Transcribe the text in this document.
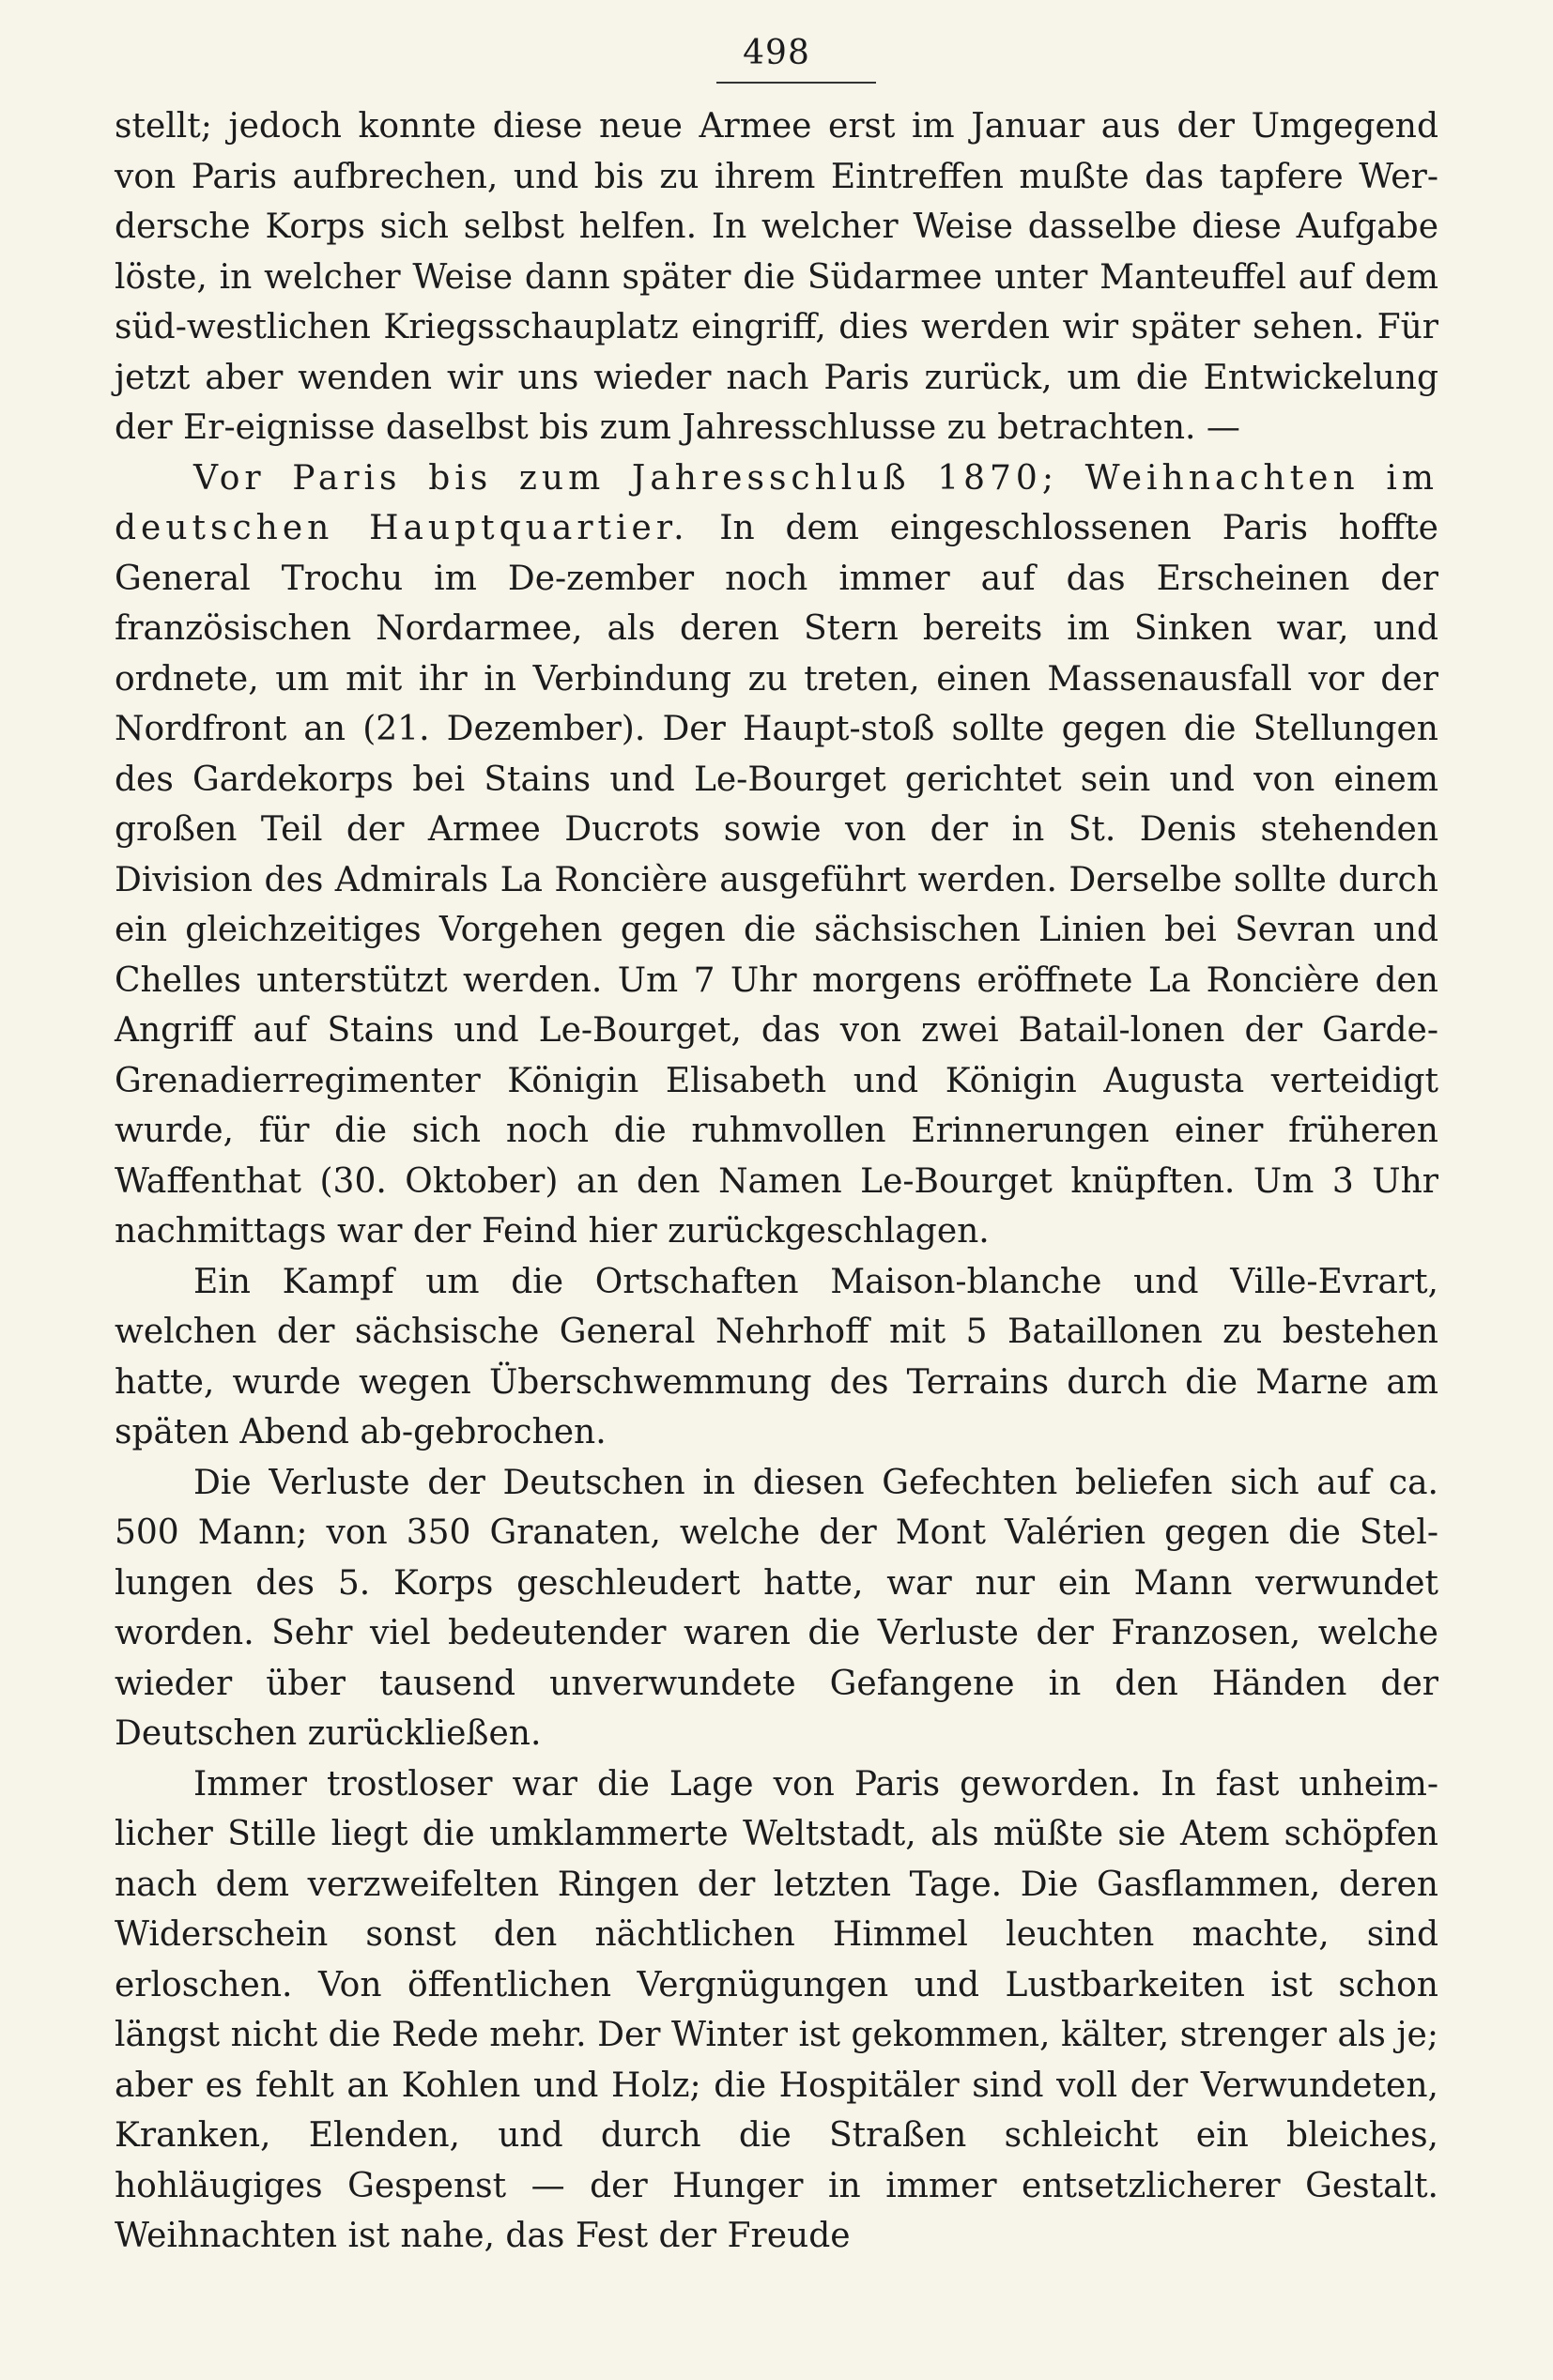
498

stellt; jedoch konnte diese neue Armee erst im Januar aus der Umgegend von Paris aufbrechen, und bis zu ihrem Eintreffen mußte das tapfere Wer-dersche Korps sich selbst helfen. In welcher Weise dasselbe diese Aufgabe löste, in welcher Weise dann später die Südarmee unter Manteuffel auf dem süd-westlichen Kriegsschauplatz eingriff, dies werden wir später sehen. Für jetzt aber wenden wir uns wieder nach Paris zurück, um die Entwickelung der Er-eignisse daselbst bis zum Jahresschlusse zu betrachten. —

Vor Paris bis zum Jahresschluß 1870; Weihnachten im deutschen Hauptquartier. In dem eingeschlossenen Paris hoffte General Trochu im De-zember noch immer auf das Erscheinen der französischen Nordarmee, als deren Stern bereits im Sinken war, und ordnete, um mit ihr in Verbindung zu treten, einen Massenausfall vor der Nordfront an (21. Dezember). Der Haupt-stoß sollte gegen die Stellungen des Gardekorps bei Stains und Le-Bourget gerichtet sein und von einem großen Teil der Armee Ducrots sowie von der in St. Denis stehenden Division des Admirals La Roncière ausgeführt werden. Derselbe sollte durch ein gleichzeitiges Vorgehen gegen die sächsischen Linien bei Sevran und Chelles unterstützt werden. Um 7 Uhr morgens eröffnete La Roncière den Angriff auf Stains und Le-Bourget, das von zwei Batail-lonen der Garde-Grenadierregimenter Königin Elisabeth und Königin Augusta verteidigt wurde, für die sich noch die ruhmvollen Erinnerungen einer früheren Waffenthat (30. Oktober) an den Namen Le-Bourget knüpften. Um 3 Uhr nachmittags war der Feind hier zurückgeschlagen.

Ein Kampf um die Ortschaften Maison-blanche und Ville-Evrart, welchen der sächsische General Nehrhoff mit 5 Bataillonen zu bestehen hatte, wurde wegen Überschwemmung des Terrains durch die Marne am späten Abend ab-gebrochen.

Die Verluste der Deutschen in diesen Gefechten beliefen sich auf ca. 500 Mann; von 350 Granaten, welche der Mont Valérien gegen die Stel-lungen des 5. Korps geschleudert hatte, war nur ein Mann verwundet worden. Sehr viel bedeutender waren die Verluste der Franzosen, welche wieder über tausend unverwundete Gefangene in den Händen der Deutschen zurückließen.

Immer trostloser war die Lage von Paris geworden. In fast unheim-licher Stille liegt die umklammerte Weltstadt, als müßte sie Atem schöpfen nach dem verzweifelten Ringen der letzten Tage. Die Gasflammen, deren Widerschein sonst den nächtlichen Himmel leuchten machte, sind erloschen. Von öffentlichen Vergnügungen und Lustbarkeiten ist schon längst nicht die Rede mehr. Der Winter ist gekommen, kälter, strenger als je; aber es fehlt an Kohlen und Holz; die Hospitäler sind voll der Verwundeten, Kranken, Elenden, und durch die Straßen schleicht ein bleiches, hohläugiges Gespenst — der Hunger in immer entsetzlicherer Gestalt. Weihnachten ist nahe, das Fest der Freude
